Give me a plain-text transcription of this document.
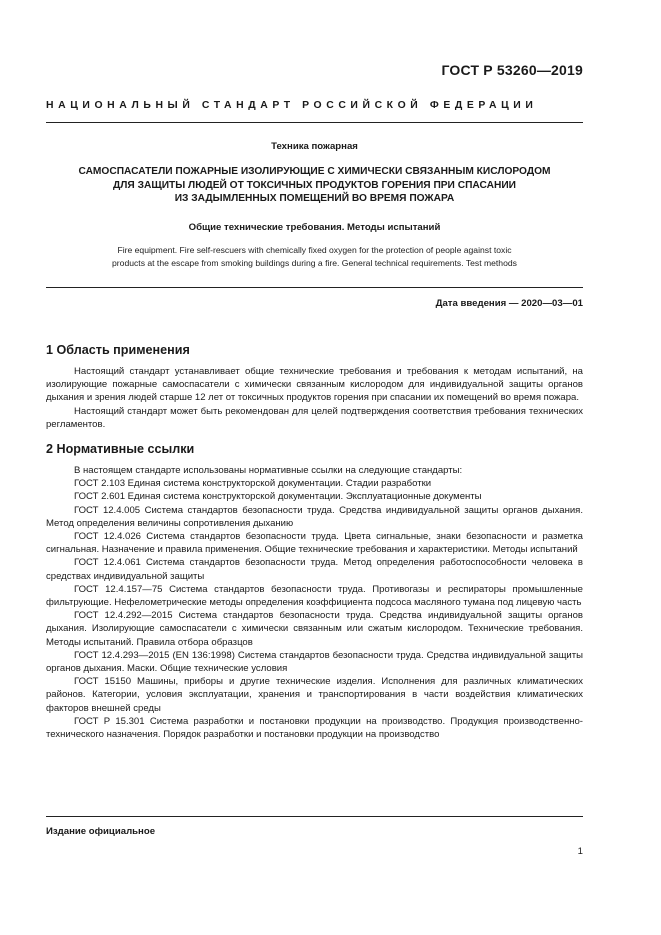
ГОСТ Р 53260—2019
НАЦИОНАЛЬНЫЙ СТАНДАРТ РОССИЙСКОЙ ФЕДЕРАЦИИ
Техника пожарная
САМОСПАСАТЕЛИ ПОЖАРНЫЕ ИЗОЛИРУЮЩИЕ С ХИМИЧЕСКИ СВЯЗАННЫМ КИСЛОРОДОМ
ДЛЯ ЗАЩИТЫ ЛЮДЕЙ ОТ ТОКСИЧНЫХ ПРОДУКТОВ ГОРЕНИЯ ПРИ СПАСАНИИ
ИЗ ЗАДЫМЛЕННЫХ ПОМЕЩЕНИЙ ВО ВРЕМЯ ПОЖАРА
Общие технические требования. Методы испытаний
Fire equipment. Fire self-rescuers with chemically fixed oxygen for the protection of people against toxic
products at the escape from smoking buildings during a fire. General technical requirements. Test methods
Дата введения — 2020—03—01
1 Область применения

Настоящий стандарт устанавливает общие технические требования и требования к методам испытаний, на изолирующие пожарные самоспасатели с химически связанным кислородом для индивидуальной защиты органов дыхания и зрения людей старше 12 лет от токсичных продуктов горения при спасании их помещений во время пожара.

Настоящий стандарт может быть рекомендован для целей подтверждения соответствия требования технических регламентов.

2 Нормативные ссылки

В настоящем стандарте использованы нормативные ссылки на следующие стандарты:

ГОСТ 2.103 Единая система конструкторской документации. Стадии разработки

ГОСТ 2.601 Единая система конструкторской документации. Эксплуатационные документы

ГОСТ 12.4.005 Система стандартов безопасности труда. Средства индивидуальной защиты органов дыхания. Метод определения величины сопротивления дыханию

ГОСТ 12.4.026 Система стандартов безопасности труда. Цвета сигнальные, знаки безопасности и разметка сигнальная. Назначение и правила применения. Общие технические требования и характеристики. Методы испытаний

ГОСТ 12.4.061 Система стандартов безопасности труда. Метод определения работоспособности человека в средствах индивидуальной защиты

ГОСТ 12.4.157—75 Система стандартов безопасности труда. Противогазы и респираторы промышленные фильтрующие. Нефелометрические методы определения коэффициента подсоса масляного тумана под лицевую часть

ГОСТ 12.4.292—2015 Система стандартов безопасности труда. Средства индивидуальной защиты органов дыхания. Изолирующие самоспасатели с химически связанным или сжатым кислородом. Технические требования. Методы испытаний. Правила отбора образцов

ГОСТ 12.4.293—2015 (EN 136:1998) Система стандартов безопасности труда. Средства индивидуальной защиты органов дыхания. Маски. Общие технические условия

ГОСТ 15150 Машины, приборы и другие технические изделия. Исполнения для различных климатических районов. Категории, условия эксплуатации, хранения и транспортирования в части воздействия климатических факторов внешней среды

ГОСТ Р 15.301 Система разработки и постановки продукции на производство. Продукция производственно-технического назначения. Порядок разработки и постановки продукции на производство

Издание официальное
1
